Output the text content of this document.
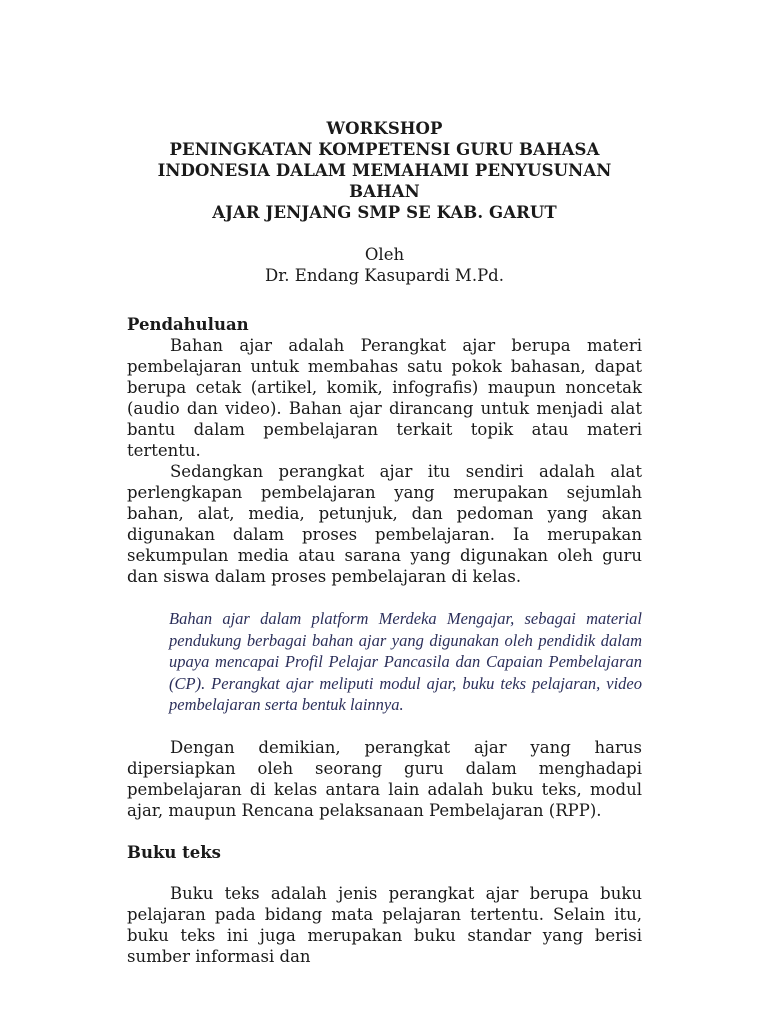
WORKSHOP
PENINGKATAN KOMPETENSI GURU BAHASA
INDONESIA DALAM MEMAHAMI PENYUSUNAN BAHAN
AJAR JENJANG SMP SE KAB. GARUT
Oleh
Dr. Endang Kasupardi M.Pd.
Pendahuluan

Bahan ajar adalah Perangkat ajar berupa materi pembelajaran untuk membahas satu pokok bahasan, dapat berupa cetak (artikel, komik, infografis) maupun noncetak (audio dan video). Bahan ajar dirancang untuk menjadi alat bantu dalam pembelajaran terkait topik atau materi tertentu.

Sedangkan perangkat ajar itu sendiri adalah alat perlengkapan pembelajaran yang merupakan sejumlah bahan, alat, media, petunjuk, dan pedoman yang akan digunakan dalam proses pembelajaran. Ia merupakan sekumpulan media atau sarana yang digunakan oleh guru dan siswa dalam proses pembelajaran di kelas.

Bahan ajar dalam platform Merdeka Mengajar, sebagai material pendukung berbagai bahan ajar yang digunakan oleh pendidik dalam upaya mencapai Profil Pelajar Pancasila dan Capaian Pembelajaran (CP). Perangkat ajar meliputi modul ajar, buku teks pelajaran, video pembelajaran serta bentuk lainnya.

Dengan demikian, perangkat ajar yang harus dipersiapkan oleh seorang guru dalam menghadapi pembelajaran di kelas antara lain adalah buku teks, modul ajar, maupun Rencana pelaksanaan Pembelajaran (RPP).

Buku teks

Buku teks adalah jenis perangkat ajar berupa buku pelajaran pada bidang mata pelajaran tertentu. Selain itu, buku teks ini juga merupakan buku standar yang berisi sumber informasi dan
